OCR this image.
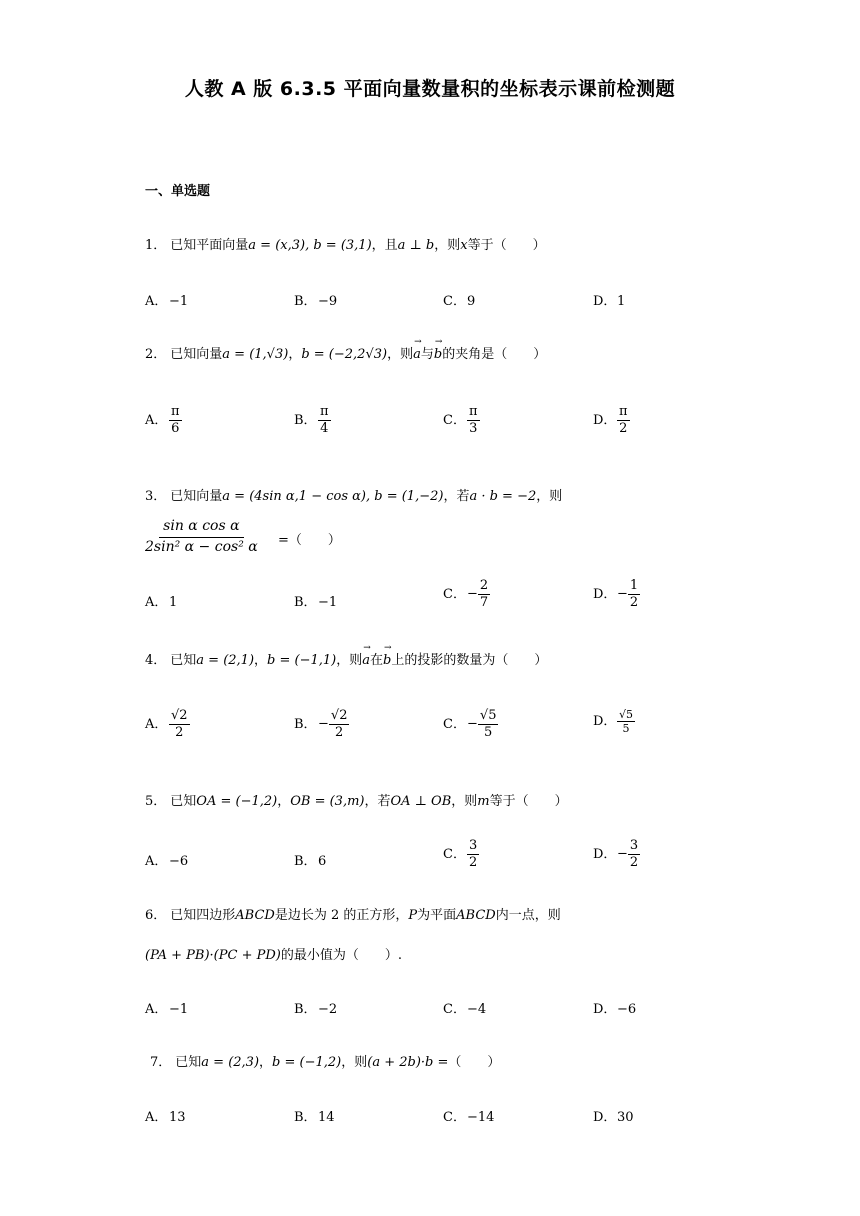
人教 A 版 6.3.5 平面向量数量积的坐标表示课前检测题
一、单选题
1． 已知平面向量a = (x,3), b = (3,1)，且a ⊥ b，则x等于（　　）
A． −1	B．−9	C．9	D．1
2． 已知向量a = (1,√3)，b = (−2,2√3)，则→ a与→ b的夹角是（　　）
A． $\frac{\pi}{6}$	B． $\frac{\pi}{4}$	C． $\frac{\pi}{3}$	D． $\frac{\pi}{2}$
3． 已知向量a = (4sin α,1 − cos α), b = (1,−2)，若a · b = −2，则
$\frac{\text{sin α cos α}}{\text{2sin² α − cos² α}}$ =（　　）
A． 1	B．−1
C．− $\frac{2}{7}$	D．− $\frac{1}{2}$
4． 已知a = (2,1)，b = (−1,1)，则→ a在→ b上的投影的数量为（　　）
A． $\frac{√2}{2}$	B．− $\frac{√2}{2}$	C．− $\frac{√5}{5}$	D． $\frac{√5}{5}$
5． 已知OA = (−1,2)，OB = (3,m)，若OA ⊥ OB，则m等于（　　）
A． −6	B．6	C． $\frac{3}{2}$	D．− $\frac{3}{2}$
6． 已知四边形ABCD是边长为 2 的正方形，P为平面ABCD内一点，则
(PA + PB)·(PC + PD)的最小值为（　　）.
A． −1	B．−2	C．−4	D．−6
7． 已知a = (2,3)，b = (−1,2)，则(a + 2b)·b =（　　）
A． 13	B．14	C．−14	D．30
